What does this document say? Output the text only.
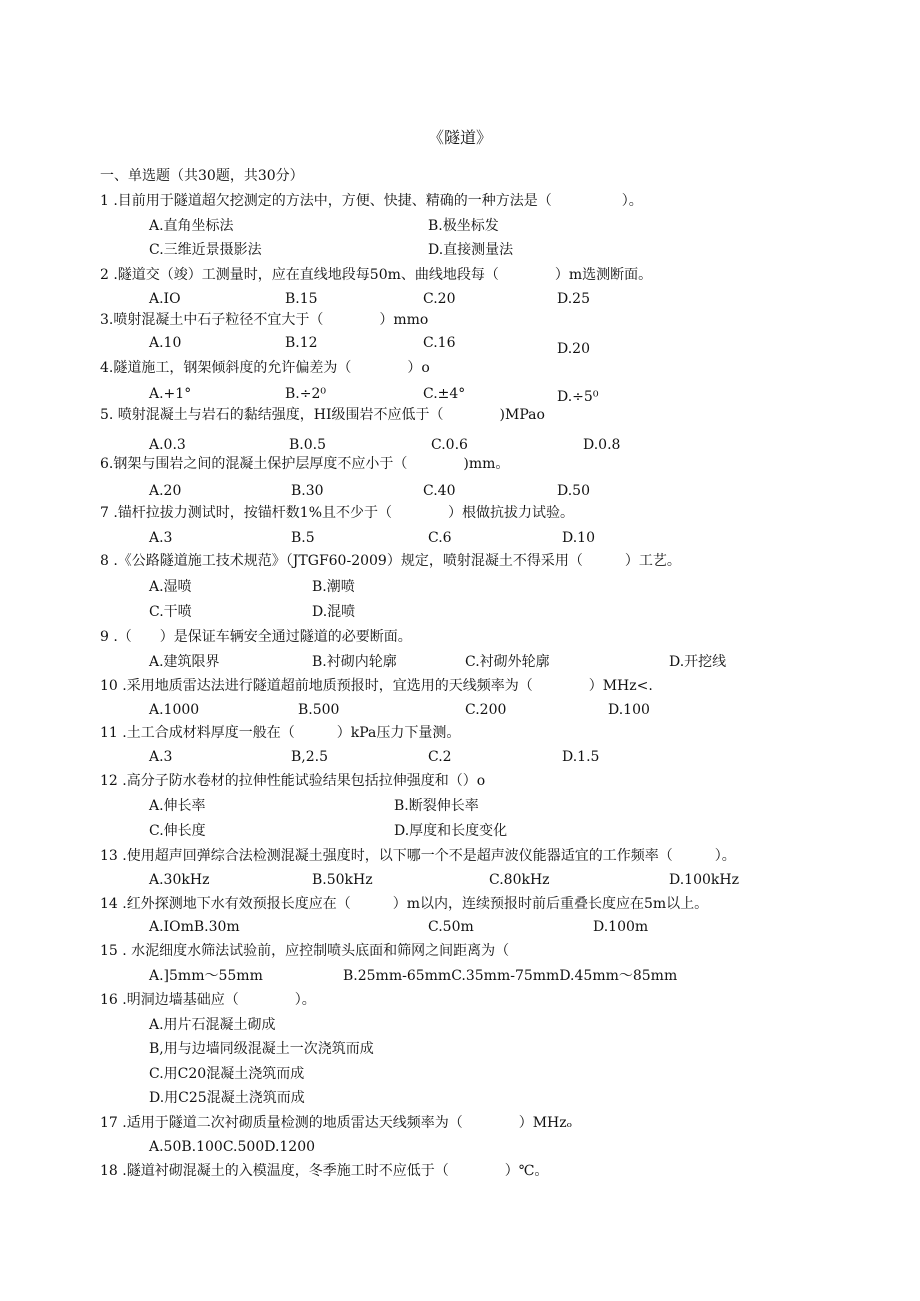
《隧道》
一、单选题（共30题，共30分）
1 .目前用于隧道超欠挖测定的方法中，方便、快捷、精确的一种方法是（　　　　　）。
A.直角坐标法	B.极坐标发
C.三维近景摄影法	D.直接测量法
2 .隧道交（竣）工测量时，应在直线地段每50m、曲线地段每（　　　　）m选测断面。
A.IO	B.15	C.20	D.25
3.喷射混凝土中石子粒径不宜大于（　　　　）mmo
A.10	B.12	C.16	D.20
4.隧道施工，钢架倾斜度的允许偏差为（　　　　）o
A.+1°	B.÷2⁰	C.±4°	D.÷5⁰
5. 喷射混凝土与岩石的黏结强度，HI级围岩不应低于（　　　　)MPao
A.0.3	B.0.5	C.0.6	D.0.8
6.钢架与围岩之间的混凝土保护层厚度不应小于（　　　　)mm。
A.20	B.30	C.40	D.50
7 .锚杆拉拔力测试时，按锚杆数1%且不少于（　　　　）根做抗拔力试验。
A.3	B.5	C.6	D.10
8 .《公路隧道施工技术规范》（JTGF60-2009）规定，喷射混凝土不得采用（　　　）工艺。
A.湿喷	B.潮喷
C.干喷	D.混喷
9 .（　　）是保证车辆安全通过隧道的必要断面。
A.建筑限界	B.衬砌内轮廓	C.衬砌外轮廓	D.开挖线
10 .采用地质雷达法进行隧道超前地质预报时，宜选用的天线频率为（　　　　）MHz<.
A.1000	B.500	C.200	D.100
11 .土工合成材料厚度一般在（　　　）kPa压力下量测。
A.3	B,2.5	C.2	D.1.5
12 .高分子防水卷材的拉伸性能试验结果包括拉伸强度和（）o
A.伸长率	B.断裂伸长率
C.伸长度	D.厚度和长度变化
13 .使用超声回弹综合法检测混凝土强度时，以下哪一个不是超声波仪能器适宜的工作频率（　　　）。
A.30kHz	B.50kHz	C.80kHz	D.100kHz
14 .红外探测地下水有效预报长度应在（　　　）m以内，连续预报时前后重叠长度应在5m以上。
A.IOmB.30m	C.50m	D.100m
15 . 水泥细度水筛法试验前，应控制喷头底面和筛网之间距离为（
A.]5mm～55mm	B.25mm-65mmC.35mm-75mmD.45mm～85mm
16 .明洞边墙基础应（　　　　）。
A.用片石混凝土砌成
B,用与边墙同级混凝土一次浇筑而成
C.用C20混凝土浇筑而成
D.用C25混凝土浇筑而成
17 .适用于隧道二次衬砌质量检测的地质雷达天线频率为（　　　　）MHzₒ
A.50B.100C.500D.1200
18 .隧道衬砌混凝土的入模温度，冬季施工时不应低于（　　　　）℃。
